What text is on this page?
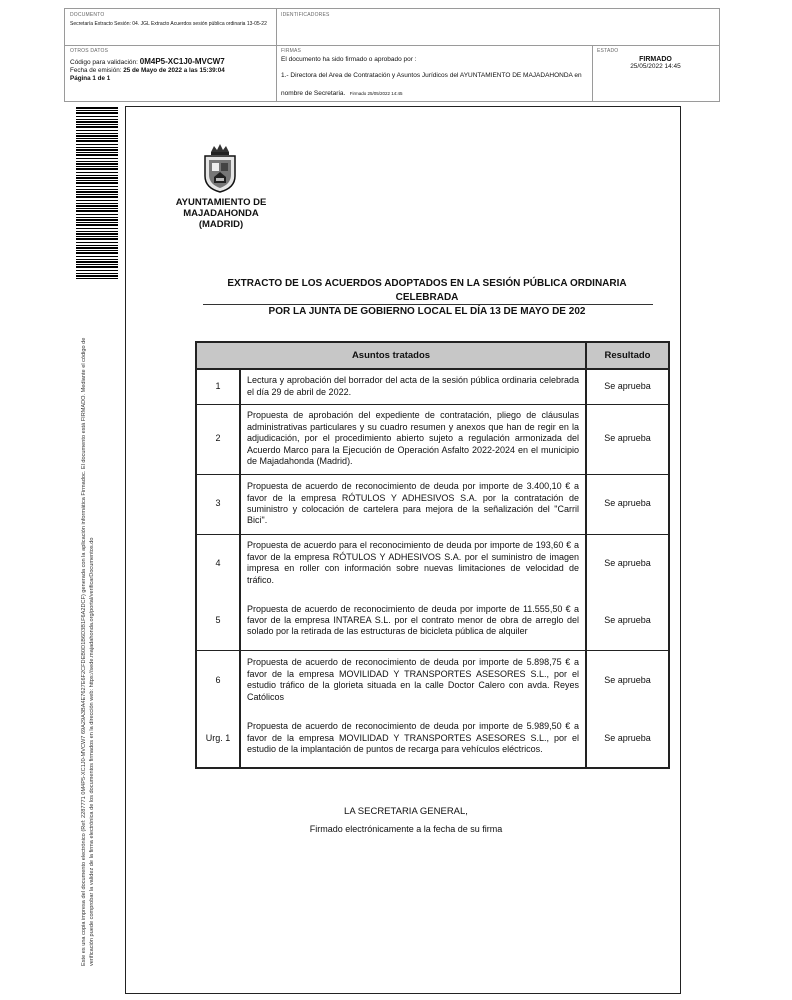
DOCUMENTO
Secretaría Extracto Sesión: 04. JGL Extracto Acuerdos sesión pública ordinaria 13-05-22
IDENTIFICADORES
OTROS DATOS
Código para validación: 0M4P5-XC1J0-MVCW7
Fecha de emisión: 25 de Mayo de 2022 a las 15:39:04
Página 1 de 1
FIRMAS
El documento ha sido firmado o aprobado por :
1.- Directora del Area de Contratación y Asuntos Jurídicos del AYUNTAMIENTO DE MAJADAHONDA en nombre de Secretaria. Firmado 25/05/2022 14:45
ESTADO
FIRMADO
25/05/2022 14:45
Este es una copia impresa del documento electrónico (Ref: 2287771 0M4P5-XC1J0-MVCW7 69A29A3BA4E7627E6F2CFDEB0D1B6D3B1F6A2DCF) generada con la aplicación informática Firmadoc. El documento está FIRMADO. Mediante el código de verificación puede comprobar la validez de la firma electrónica de los documentos firmados en la dirección web: https://sede.majadahonda.org/portal/verificarDocumentos.do
AYUNTAMIENTO DE
MAJADAHONDA
(MADRID)
EXTRACTO DE LOS ACUERDOS ADOPTADOS EN LA SESIÓN PÚBLICA ORDINARIA CELEBRADA
POR LA JUNTA DE GOBIERNO LOCAL EL DÍA 13 DE MAYO DE 202
Asuntos tratados		Resultado
1	Lectura y aprobación del borrador del acta de la sesión pública ordinaria celebrada el día 29 de abril de 2022.	Se aprueba
2	Propuesta de aprobación del expediente de contratación, pliego de cláusulas administrativas particulares y su cuadro resumen y anexos que han de regir en la adjudicación, por el procedimiento abierto sujeto a regulación armonizada del Acuerdo Marco para la Ejecución de Operación Asfalto 2022-2024 en el municipio de Majadahonda (Madrid).	Se aprueba
3	Propuesta de acuerdo de reconocimiento de deuda por importe de 3.400,10 € a favor de la empresa RÓTULOS Y ADHESIVOS S.A. por la contratación de suministro y colocación de cartelera para mejora de la señalización del "Carril Bici".	Se aprueba
4	Propuesta de acuerdo para el reconocimiento de deuda por importe de 193,60 € a favor de la empresa RÓTULOS Y ADHESIVOS S.A. por el suministro de imagen impresa en roller con información sobre nuevas limitaciones de velocidad de tráfico.	Se aprueba
5	Propuesta de acuerdo de reconocimiento de deuda por importe de 11.555,50 € a favor de la empresa INTAREA S.L. por el contrato menor de obra de arreglo del solado por la retirada de las estructuras de bicicleta pública de alquiler	Se aprueba
6	Propuesta de acuerdo de reconocimiento de deuda por importe de 5.898,75 € a favor de la empresa MOVILIDAD Y TRANSPORTES ASESORES S.L., por el estudio tráfico de la glorieta situada en la calle Doctor Calero con avda. Reyes Católicos	Se aprueba
Urg. 1	Propuesta de acuerdo de reconocimiento de deuda por importe de 5.989,50 € a favor de la empresa MOVILIDAD Y TRANSPORTES ASESORES S.L., por el estudio de la implantación de puntos de recarga para vehículos eléctricos.	Se aprueba
LA SECRETARIA GENERAL,
Firmado electrónicamente a la fecha de su firma
